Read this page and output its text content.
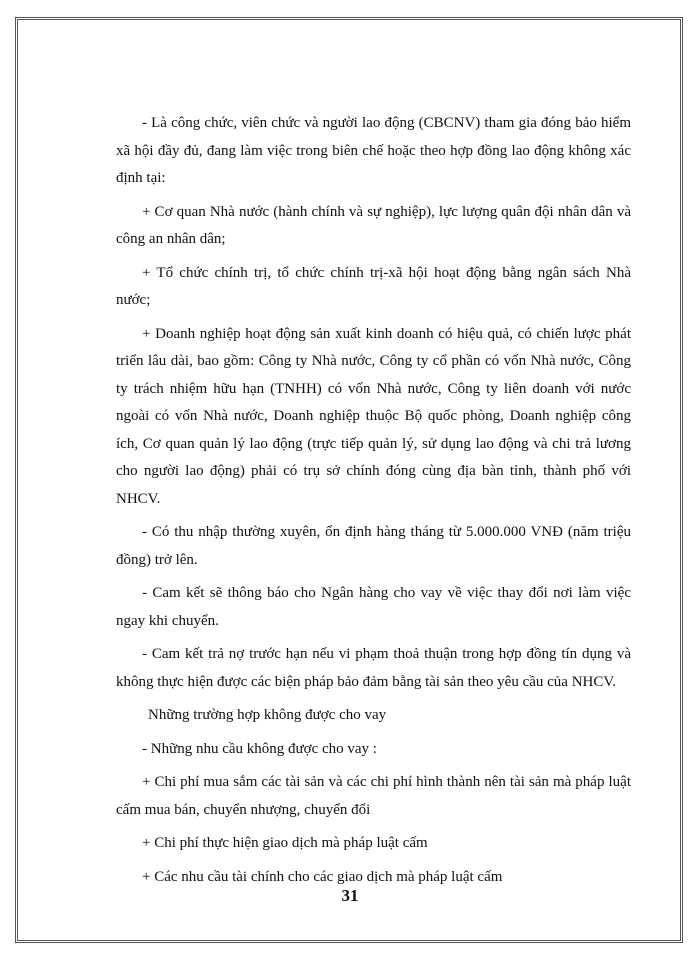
- Là công chức, viên chức và người lao động (CBCNV) tham gia đóng bảo hiểm xã hội đầy đủ, đang làm việc trong biên chế hoặc theo hợp đồng lao động không xác định tại:

+ Cơ quan Nhà nước (hành chính và sự nghiệp), lực lượng quân đội nhân dân và công an nhân dân;

+ Tổ chức chính trị, tổ chức chính trị-xã hội hoạt động bằng ngân sách Nhà nước;

+ Doanh nghiệp hoạt động sản xuất kinh doanh có hiệu quả, có chiến lược phát triển lâu dài, bao gồm: Công ty Nhà nước, Công ty cổ phần có vốn Nhà nước, Công ty trách nhiệm hữu hạn (TNHH) có vốn Nhà nước, Công ty liên doanh với nước ngoài có vốn Nhà nước, Doanh nghiệp thuộc Bộ quốc phòng, Doanh nghiệp công ích, Cơ quan quản lý lao động (trực tiếp quản lý, sử dụng lao động và chi trả lương cho người lao động) phải có trụ sở chính đóng cùng địa bàn tỉnh, thành phố với NHCV.

- Có thu nhập thường xuyên, ổn định hàng tháng từ 5.000.000 VNĐ (năm triệu đồng) trở lên.

- Cam kết sẽ thông báo cho Ngân hàng cho vay về việc thay đổi nơi làm việc ngay khi chuyển.

- Cam kết trả nợ trước hạn nếu vi phạm thoả thuận trong hợp đồng tín dụng và không thực hiện được các biện pháp bảo đảm bằng tài sản theo yêu cầu của NHCV.

Những trường hợp không được cho vay

- Những nhu cầu không được cho vay :

+ Chi phí mua sắm các tài sản và các chi phí hình thành nên tài sản mà pháp luật cấm mua bán, chuyển nhượng, chuyển đổi

+ Chi phí thực hiện giao dịch mà pháp luật cấm

+ Các nhu cầu tài chính cho các giao dịch mà pháp luật cấm

31
